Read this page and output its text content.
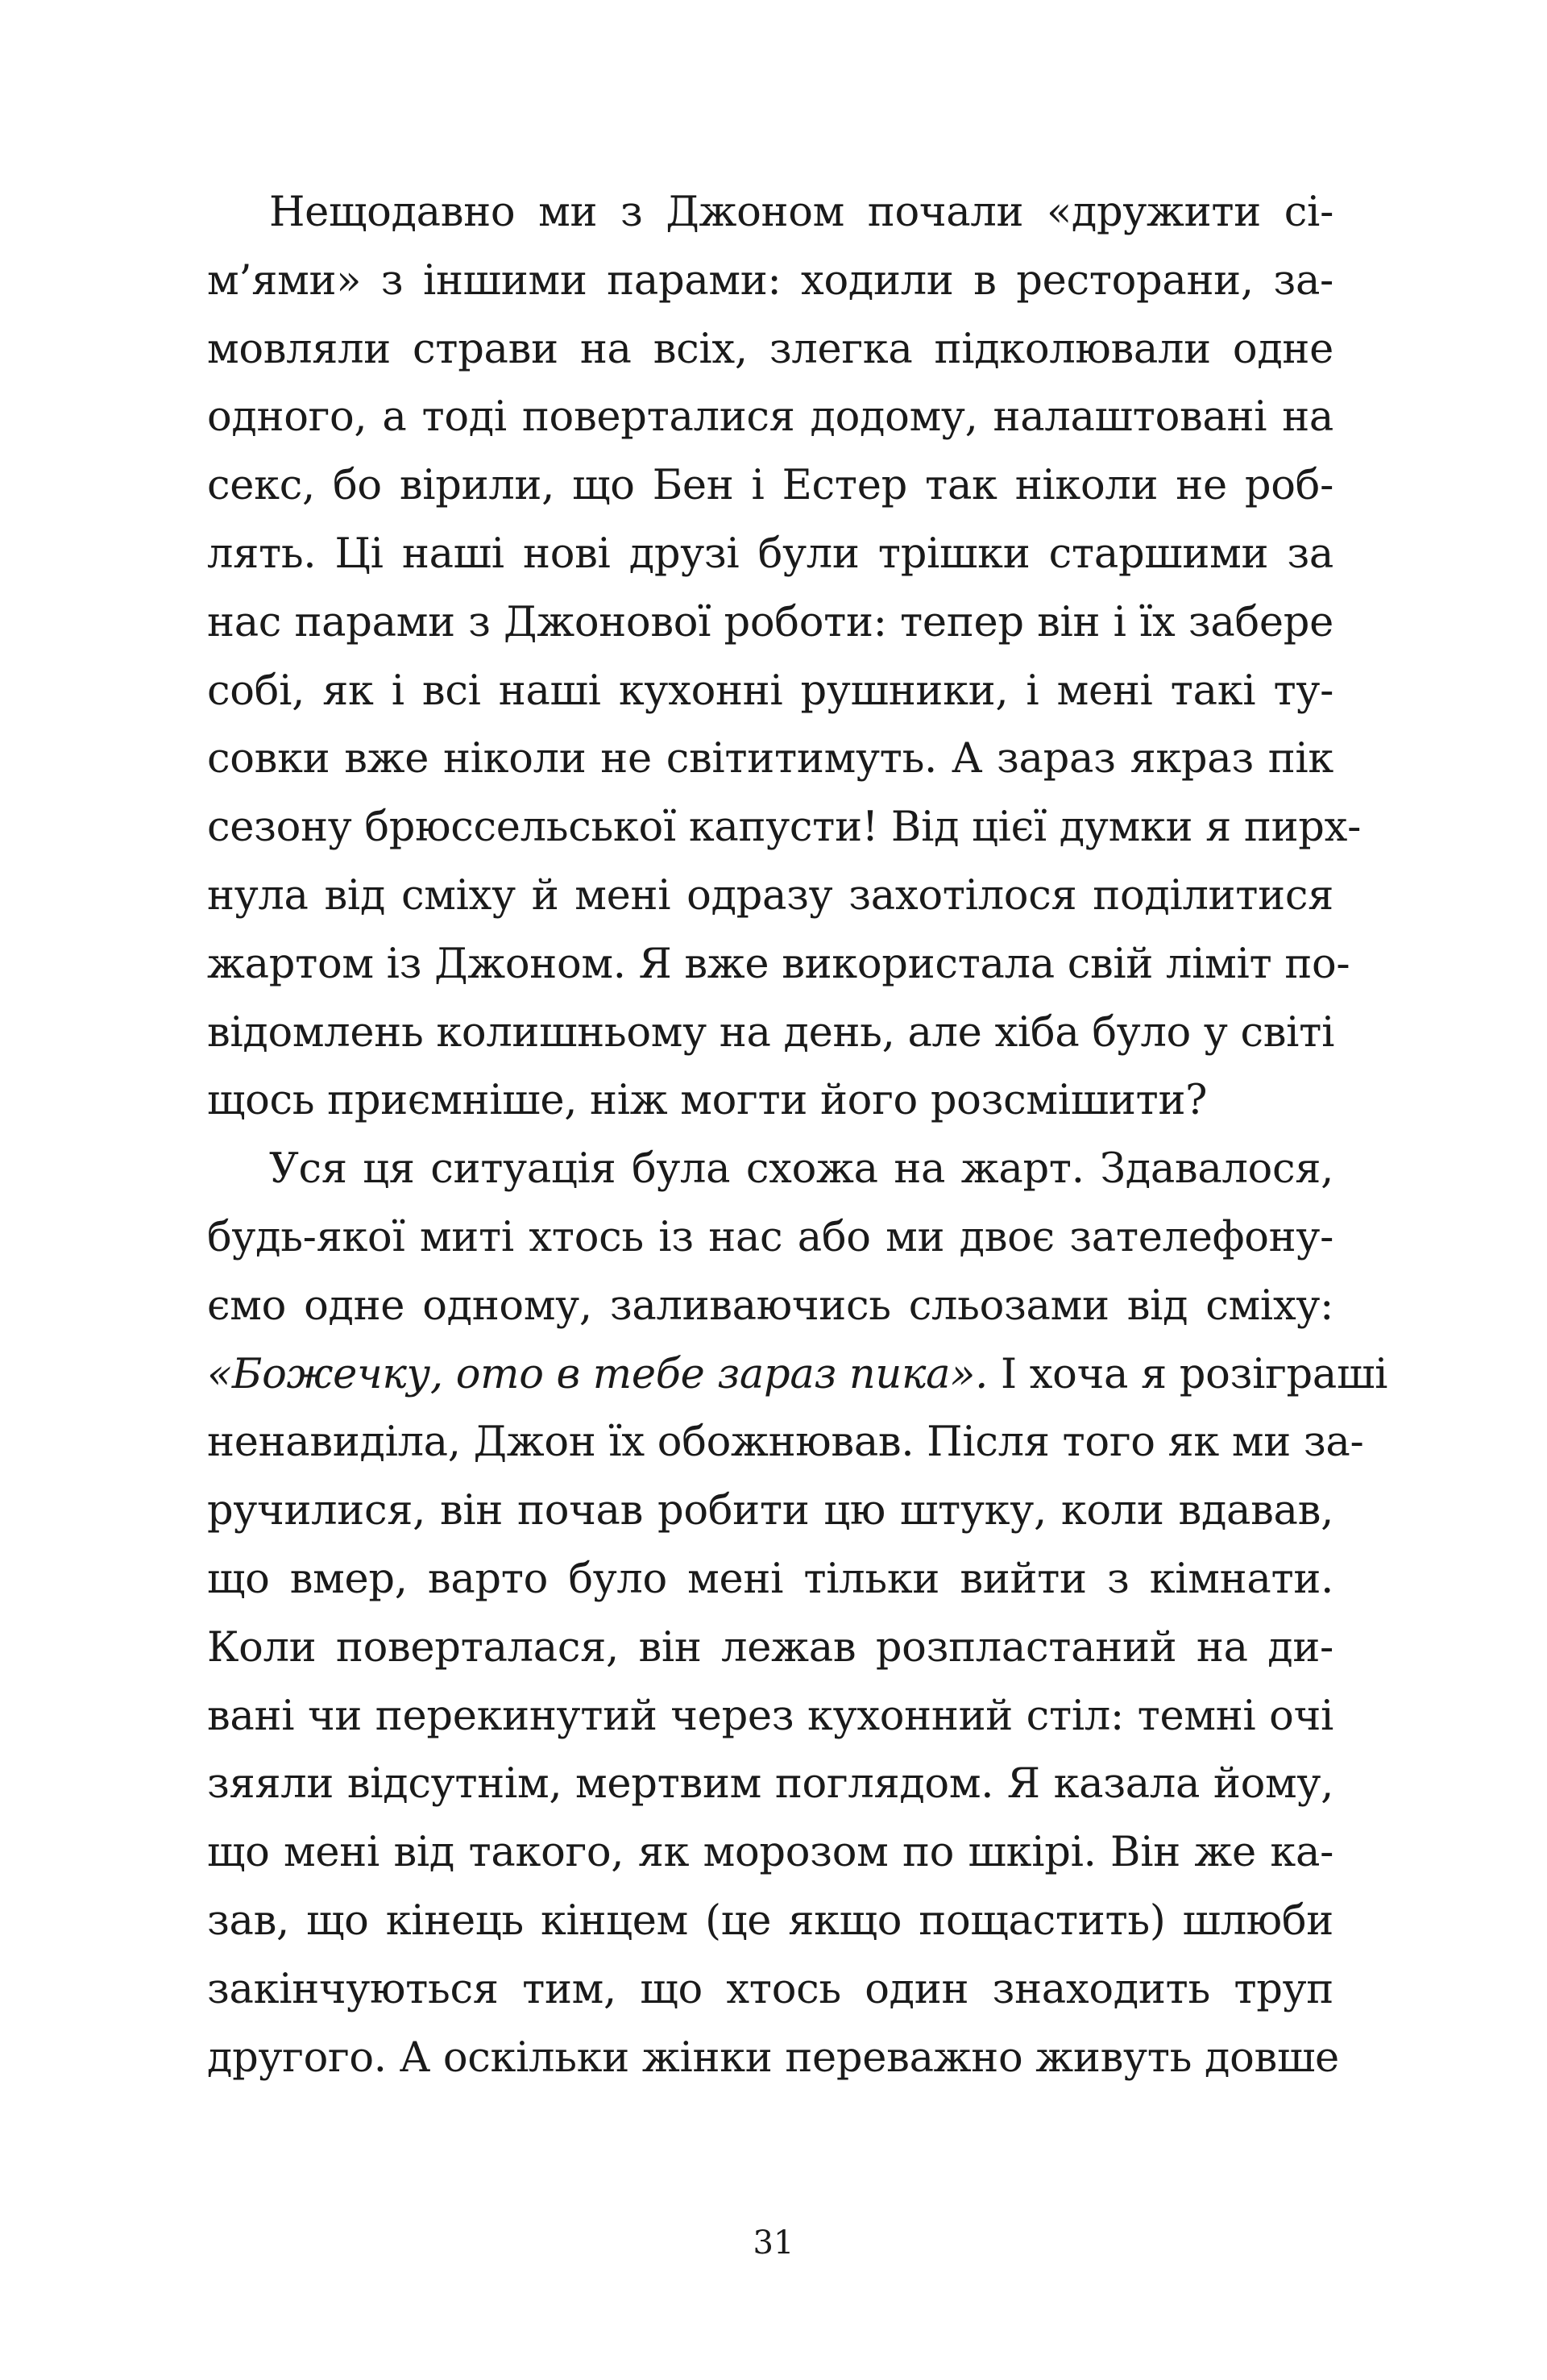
Нещодавно ми з Джоном почали «дружити сі-
м’ями» з іншими парами: ходили в ресторани, за-
мовляли страви на всіх, злегка підколювали одне
одного, а тоді поверталися додому, налаштовані на
секс, бо вірили, що Бен і Естер так ніколи не роб-
лять. Ці наші нові друзі були трішки старшими за
нас парами з Джонової роботи: тепер він і їх забере
собі, як і всі наші кухонні рушники, і мені такі ту-
совки вже ніколи не світитимуть. А зараз якраз пік
сезону брюссельської капусти! Від цієї думки я пирх-
нула від сміху й мені одразу захотілося поділитися
жартом із Джоном. Я вже використала свій ліміт по-
відомлень колишньому на день, але хіба було у світі
щось приємніше, ніж могти його розсмішити?

Уся ця ситуація була схожа на жарт. Здавалося,
будь-якої миті хтось із нас або ми двоє зателефону-
ємо одне одному, заливаючись сльозами від сміху:
«Божечку, ото в тебе зараз пика». І хоча я розіграші
ненавиділа, Джон їх обожнював. Після того як ми за-
ручилися, він почав робити цю штуку, коли вдавав,
що вмер, варто було мені тільки вийти з кімнати.
Коли поверталася, він лежав розпластаний на ди-
вані чи перекинутий через кухонний стіл: темні очі
зяяли відсутнім, мертвим поглядом. Я казала йому,
що мені від такого, як морозом по шкірі. Він же ка-
зав, що кінець кінцем (це якщо пощастить) шлюби
закінчуються тим, що хтось один знаходить труп
другого. А оскільки жінки переважно живуть довше

31
